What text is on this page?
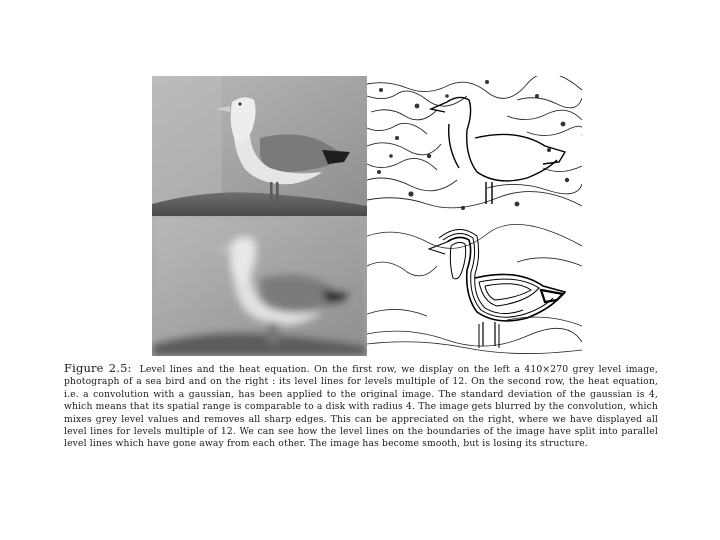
Figure 2.5: Level lines and the heat equation. On the first row, we display on the left a 410×270 grey level image, photograph of a sea bird and on the right : its level lines for levels multiple of 12. On the second row, the heat equation, i.e. a convolution with a gaussian, has been applied to the original image. The standard deviation of the gaussian is 4, which means that its spatial range is comparable to a disk with radius 4. The image gets blurred by the convolution, which mixes grey level values and removes all sharp edges. This can be appreciated on the right, where we have displayed all level lines for levels multiple of 12. We can see how the level lines on the boundaries of the image have split into parallel level lines which have gone away from each other. The image has become smooth, but is losing its structure.
